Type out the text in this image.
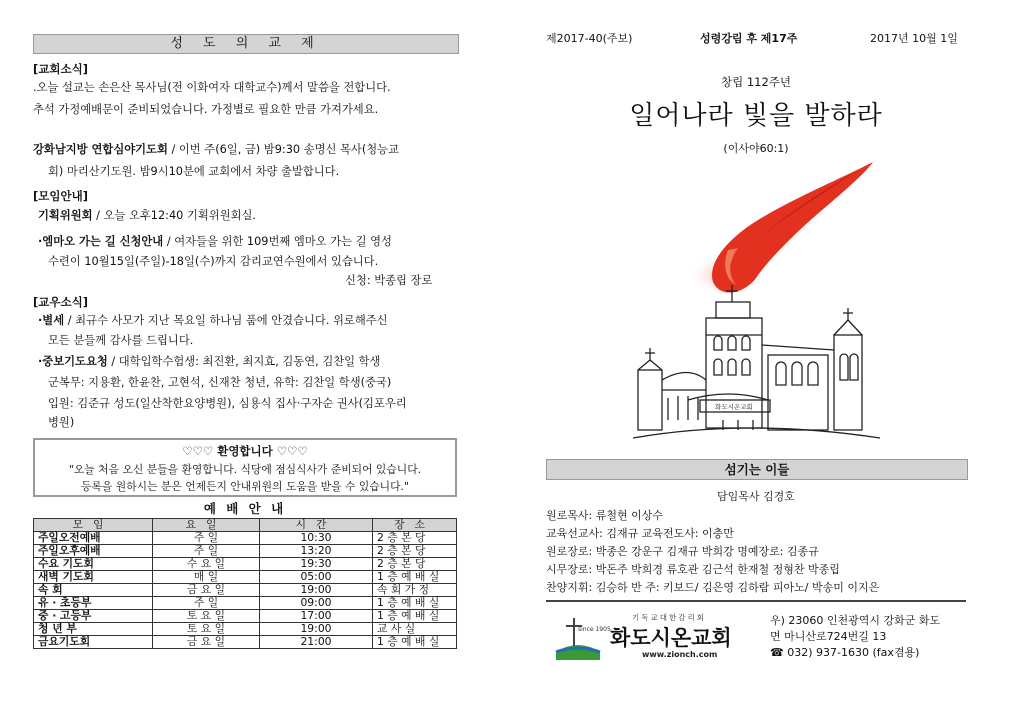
성 도 의 교 제
[교회소식]
.오늘 설교는 손은산 목사님(전 이화여자 대학교수)께서 말씀을 전합니다.
추석 가정예배문이 준비되었습니다. 가정별로 필요한 만큼 가져가세요.
강화남지방 연합심야기도회 / 이번 주(6일, 금) 밤9:30 송명신 목사(청능교
회) 마리산기도원. 밤9시10분에 교회에서 차량 출발합니다.
[모임안내]
기획위원회 / 오늘 오후12:40 기획위원회실.
·엠마오 가는 길 신청안내 / 여자들을 위한 109번째 엠마오 가는 길 영성
수련이 10월15일(주일)-18일(수)까지 감리교연수원에서 있습니다.
신청: 박종립 장로
[교우소식]
·별세 / 최규수 사모가 지난 목요일 하나님 품에 안겼습니다. 위로해주신
모든 분들께 감사를 드립니다.
·중보기도요청 / 대학입학수험생: 최진환, 최지효, 김동연, 김찬일 학생
군복무: 지용환, 한윤찬, 고현석, 신재찬 청년, 유학: 김찬일 학생(중국)
입원: 김준규 성도(일산착한요양병원), 심용식 집사·구자순 권사(김포우리
병원)
♡♡♡ 환영합니다 ♡♡♡
"오늘 처음 오신 분들을 환영합니다. 식당에 점심식사가 준비되어 있습니다.
등록을 원하시는 분은 언제든지 안내위원의 도움을 받을 수 있습니다."
예 배 안 내
모임	요일	시간	장소
주일오전예배	주 일	10:30	2 층 본 당
주일오후예배	주 일	13:20	2 층 본 당
수요 기도회	수 요 일	19:30	2 층 본 당
새벽 기도회	매 일	05:00	1 층 예 배 실
속 회	금 요 일	19:00	속 회 가 정
유 · 초등부	주 일	09:00	1 층 예 배 실
중 · 고등부	토 요 일	17:00	1 층 예 배 실
청 년 부	토 요 일	19:00	교 사 실
금요기도회	금 요 일	21:00	1 층 예 배 실
제2017-40(주보)	성령강림 후 제17주	2017년 10월 1일
창립 112주년
일어나라 빛을 발하라
(이사야60:1)
화도시온교회
섬기는 이들
담임목사 김경호
원로목사: 류철현 이상수
교육선교사: 김재규 교육전도사: 이충만
원로장로: 박종은 강운구 김재규 박희강 명예장로: 김종규
시무장로: 박돈주 박희경 류호관 김근석 한재철 정형찬 박종립
찬양지휘: 김승하 반 주: 키보드/ 김은영 김하람 피아노/ 박송미 이지은
since 1905
기독교대한감리회
화도시온교회
www.zionch.com
우) 23060 인천광역시 강화군 화도
면 마니산로724번길 13
☎ 032) 937-1630 (fax겸용)
